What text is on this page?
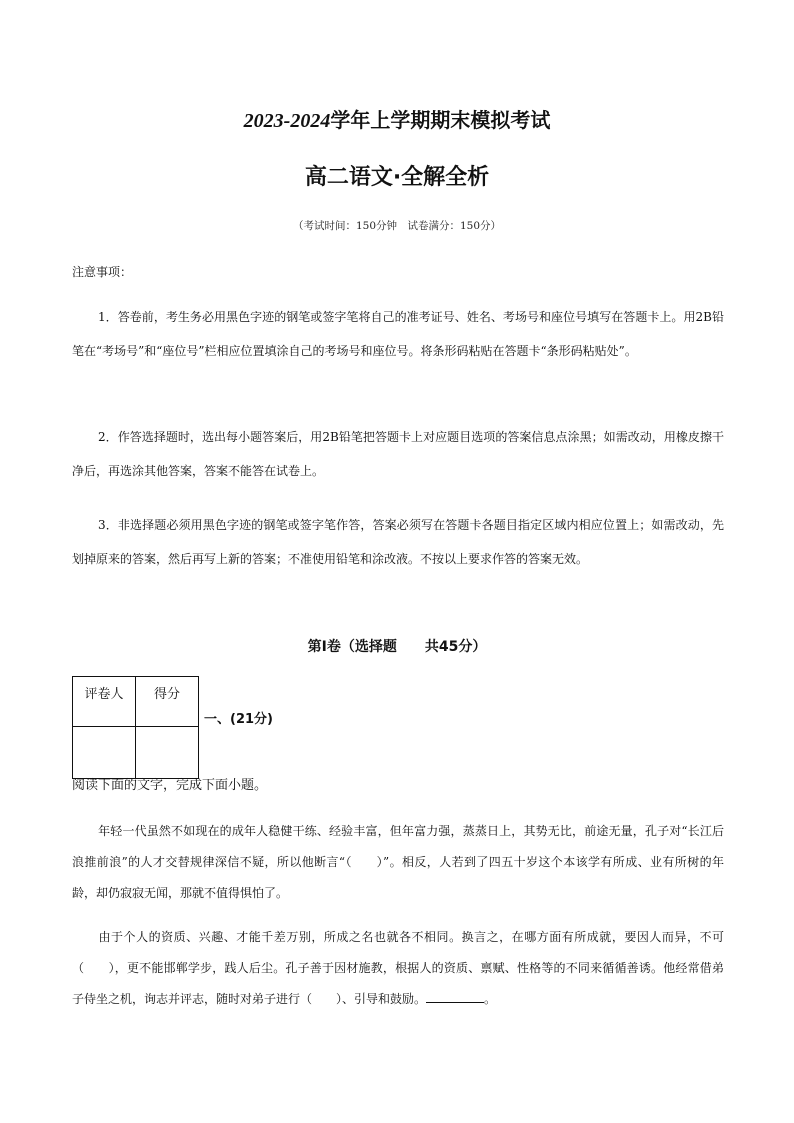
2023-2024学年上学期期末模拟考试
高二语文·全解全析
（考试时间：150分钟　试卷满分：150分）
注意事项：
1．答卷前，考生务必用黑色字迹的钢笔或签字笔将自己的准考证号、姓名、考场号和座位号填写在答题卡上。用2B铅笔在“考场号”和“座位号”栏相应位置填涂自己的考场号和座位号。将条形码粘贴在答题卡“条形码粘贴处”。
2．作答选择题时，选出每小题答案后，用2B铅笔把答题卡上对应题目选项的答案信息点涂黑；如需改动，用橡皮擦干净后，再选涂其他答案，答案不能答在试卷上。
3．非选择题必须用黑色字迹的钢笔或签字笔作答，答案必须写在答题卡各题目指定区域内相应位置上；如需改动，先划掉原来的答案，然后再写上新的答案；不准使用铅笔和涂改液。不按以上要求作答的答案无效。
第Ⅰ卷（选择题　　共45分）
评卷人	得分

一、(21分)
阅读下面的文字，完成下面小题。
年轻一代虽然不如现在的成年人稳健干练、经验丰富，但年富力强，蒸蒸日上，其势无比，前途无量，孔子对“长江后浪推前浪”的人才交替规律深信不疑，所以他断言“（　　）”。相反，人若到了四五十岁这个本该学有所成、业有所树的年龄，却仍寂寂无闻，那就不值得惧怕了。
由于个人的资质、兴趣、才能千差万别，所成之名也就各不相同。换言之，在哪方面有所成就，要因人而异，不可（　　），更不能邯郸学步，践人后尘。孔子善于因材施教，根据人的资质、禀赋、性格等的不同来循循善诱。他经常借弟子侍坐之机，询志并评志，随时对弟子进行（　　）、引导和鼓励。	。
